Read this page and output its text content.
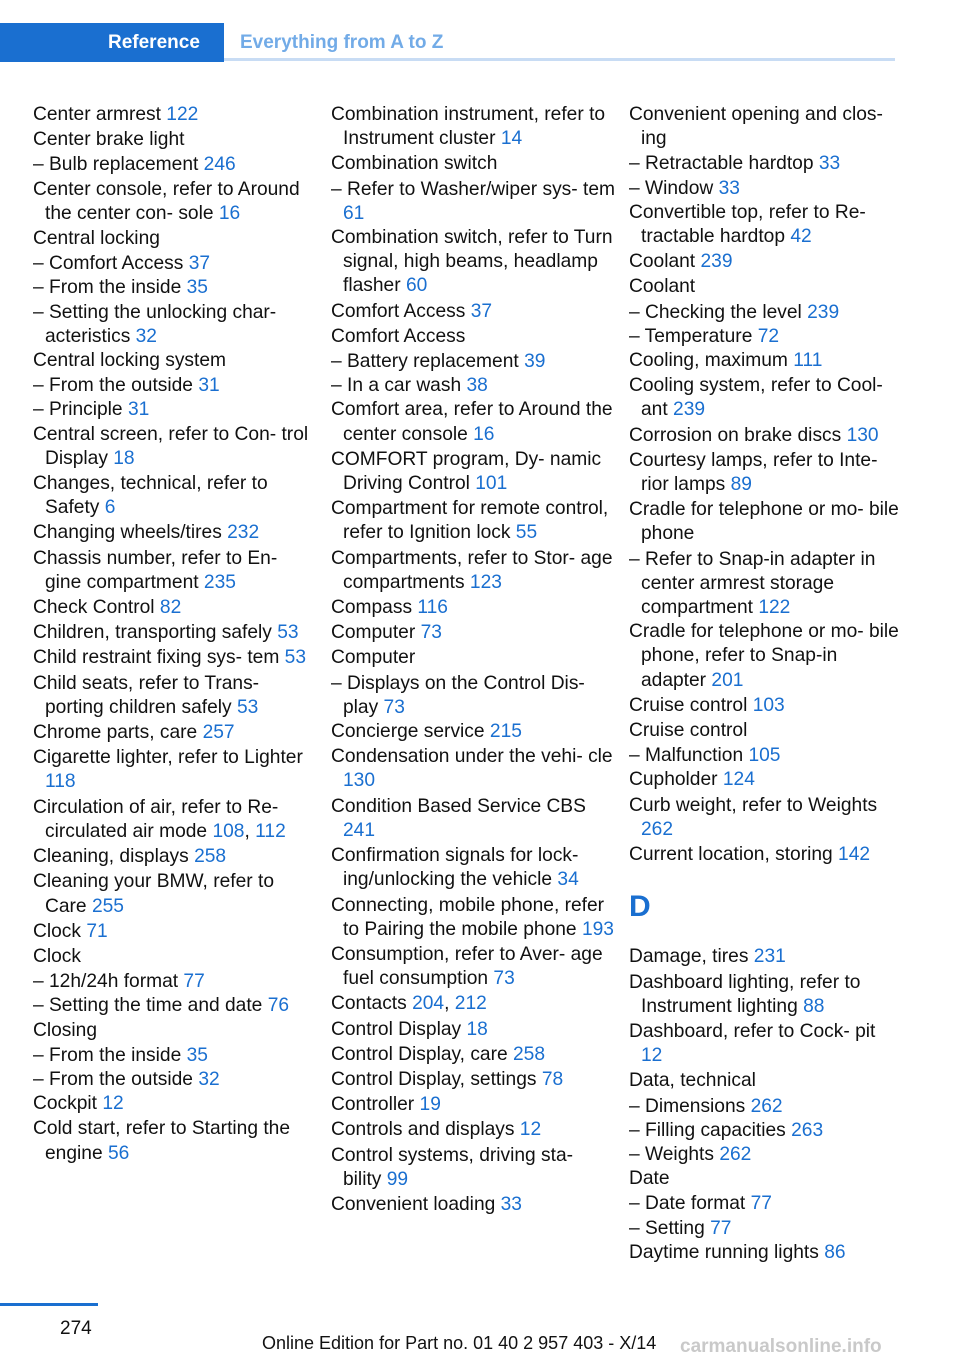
Reference Everything from A to Z
Center armrest 122
Center brake light
– Bulb replacement 246
Center console, refer to Around the center con‐ sole 16
Central locking
– Comfort Access 37
– From the inside 35
– Setting the unlocking char‐ acteristics 32
Central locking system
– From the outside 31
– Principle 31
Central screen, refer to Con‐ trol Display 18
Changes, technical, refer to Safety 6
Changing wheels/tires 232
Chassis number, refer to En‐ gine compartment 235
Check Control 82
Children, transporting safely 53
Child restraint fixing sys‐ tem 53
Child seats, refer to Trans‐ porting children safely 53
Chrome parts, care 257
Cigarette lighter, refer to Lighter 118
Circulation of air, refer to Re‐ circulated air mode 108, 112
Cleaning, displays 258
Cleaning your BMW, refer to Care 255
Clock 71
Clock
– 12h/24h format 77
– Setting the time and date 76
Closing
– From the inside 35
– From the outside 32
Cockpit 12
Cold start, refer to Starting the engine 56
Combination instrument, refer to Instrument cluster 14
Combination switch
– Refer to Washer/wiper sys‐ tem 61
Combination switch, refer to Turn signal, high beams, headlamp flasher 60
Comfort Access 37
Comfort Access
– Battery replacement 39
– In a car wash 38
Comfort area, refer to Around the center console 16
COMFORT program, Dy‐ namic Driving Control 101
Compartment for remote control, refer to Ignition lock 55
Compartments, refer to Stor‐ age compartments 123
Compass 116
Computer 73
Computer
– Displays on the Control Dis‐ play 73
Concierge service 215
Condensation under the vehi‐ cle 130
Condition Based Service CBS 241
Confirmation signals for lock‐ ing/unlocking the vehicle 34
Connecting, mobile phone, refer to Pairing the mobile phone 193
Consumption, refer to Aver‐ age fuel consumption 73
Contacts 204, 212
Control Display 18
Control Display, care 258
Control Display, settings 78
Controller 19
Controls and displays 12
Control systems, driving sta‐ bility 99
Convenient loading 33
Convenient opening and clos‐ ing
– Retractable hardtop 33
– Window 33
Convertible top, refer to Re‐ tractable hardtop 42
Coolant 239
Coolant
– Checking the level 239
– Temperature 72
Cooling, maximum 111
Cooling system, refer to Cool‐ ant 239
Corrosion on brake discs 130
Courtesy lamps, refer to Inte‐ rior lamps 89
Cradle for telephone or mo‐ bile phone
– Refer to Snap-in adapter in center armrest storage compartment 122
Cradle for telephone or mo‐ bile phone, refer to Snap-in adapter 201
Cruise control 103
Cruise control
– Malfunction 105
Cupholder 124
Curb weight, refer to Weights 262
Current location, storing 142
D
Damage, tires 231
Dashboard lighting, refer to Instrument lighting 88
Dashboard, refer to Cock‐ pit 12
Data, technical
– Dimensions 262
– Filling capacities 263
– Weights 262
Date
– Date format 77
– Setting 77
Daytime running lights 86
274
Online Edition for Part no. 01 40 2 957 403 - X/14 carmanualsonline.info
